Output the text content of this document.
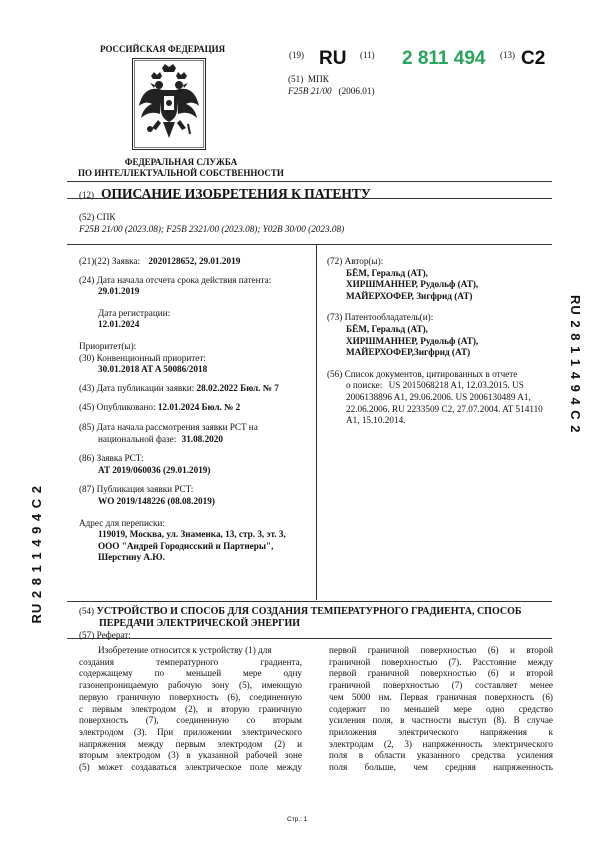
РОССИЙСКАЯ ФЕДЕРАЦИЯ
ФЕДЕРАЛЬНАЯ СЛУЖБА
ПО ИНТЕЛЛЕКТУАЛЬНОЙ СОБСТВЕННОСТИ
(19) RU (11) 2 811 494 (13) C2
(51) МПК
F25B 21/00 (2006.01)
(12) ОПИСАНИЕ ИЗОБРЕТЕНИЯ К ПАТЕНТУ
(52) СПК
F25B 21/00 (2023.08); F25B 2321/00 (2023.08); Y02B 30/00 (2023.08)
(21)(22) Заявка: 2020128652, 29.01.2019
(24) Дата начала отсчета срока действия патента:
29.01.2019
Дата регистрации:
12.01.2024
Приоритет(ы):
(30) Конвенционный приоритет:
30.01.2018 AT A 50086/2018
(43) Дата публикации заявки: 28.02.2022 Бюл. № 7
(45) Опубликовано: 12.01.2024 Бюл. № 2
(85) Дата начала рассмотрения заявки PCT на
национальной фазе: 31.08.2020
(86) Заявка PCT:
AT 2019/060036 (29.01.2019)
(87) Публикация заявки PCT:
WO 2019/148226 (08.08.2019)
Адрес для переписки:
119019, Москва, ул. Знаменка, 13, стр. 3, эт. 3,
ООО "Андрей Городисский и Партнеры",
Шерстину А.Ю.
(72) Автор(ы):
БЁМ, Геральд (AT),
ХИРШМАННЕР, Рудольф (AT),
МАЙЕРХОФЕР, Зигфрид (AT)
(73) Патентообладатель(и):
БЁМ, Геральд (AT),
ХИРШМАННЕР, Рудольф (AT),
МАЙЕРХОФЕР,Зигфрид (AT)
(56) Список документов, цитированных в отчете
о поиске: US 2015068218 A1, 12.03.2015. US
2006138896 A1, 29.06.2006. US 2006130489 A1,
22.06.2006. RU 2233509 C2, 27.07.2004. AT 514110
A1, 15.10.2014.	RU 2 8 1 1 4 9 4 C 2
RU 2 8 1 1 4 9 4 C 2	(54) УСТРОЙСТВО И СПОСОБ ДЛЯ СОЗДАНИЯ ТЕМПЕРАТУРНОГО ГРАДИЕНТА, СПОСОБ
ПЕРЕДАЧИ ЭЛЕКТРИЧЕСКОЙ ЭНЕРГИИ
(57) Реферат:
Изобретение относится к устройству (1) для
создания температурного градиента,
содержащему по меньшей мере одну
газонепроницаемую рабочую зону (5), имеющую
первую граничную поверхность (6), соединенную
с первым электродом (2), и вторую граничную
поверхность (7), соединенную со вторым
электродом (3). При приложении электрического
напряжения между первым электродом (2) и
вторым электродом (3) в указанной рабочей зоне
(5) может создаваться электрическое поле между
первой граничной поверхностью (6) и второй
граничной поверхностью (7). Расстояние между
первой граничной поверхностью (6) и второй
граничной поверхностью (7) составляет менее
чем 5000 нм. Первая граничная поверхность (6)
содержит по меньшей мере одно средство
усиления поля, в частности выступ (8). В случае
приложения электрического напряжения к
электродам (2, 3) напряженность электрического
поля в области указанного средства усиления
поля больше, чем средняя напряженность
Стр.: 1
